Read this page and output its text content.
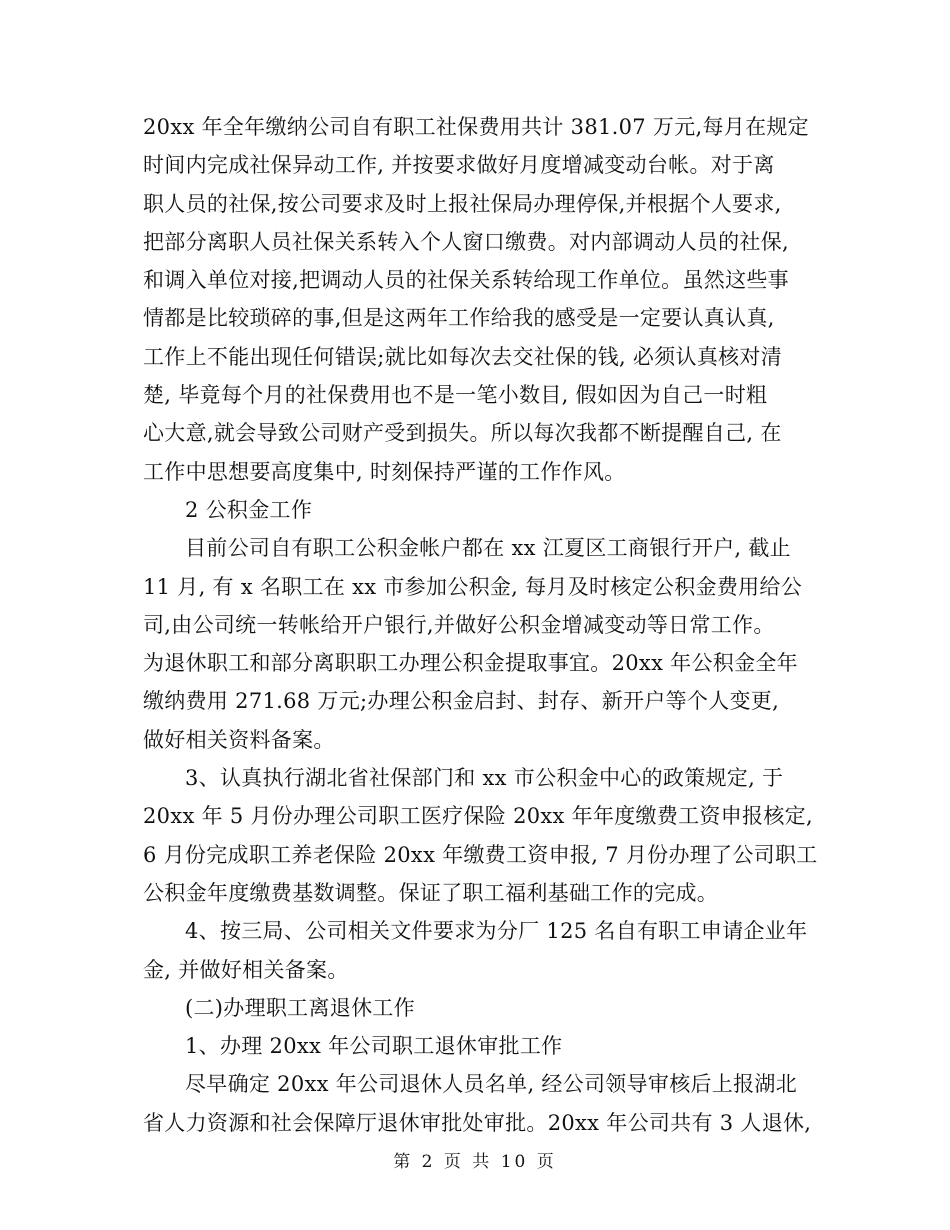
20xx 年全年缴纳公司自有职工社保费用共计 381.07 万元,每月在规定
时间内完成社保异动工作, 并按要求做好月度增减变动台帐。对于离
职人员的社保,按公司要求及时上报社保局办理停保,并根据个人要求,
把部分离职人员社保关系转入个人窗口缴费。对内部调动人员的社保,
和调入单位对接,把调动人员的社保关系转给现工作单位。虽然这些事
情都是比较琐碎的事,但是这两年工作给我的感受是一定要认真认真,
工作上不能出现任何错误;就比如每次去交社保的钱, 必须认真核对清
楚, 毕竟每个月的社保费用也不是一笔小数目, 假如因为自己一时粗
心大意,就会导致公司财产受到损失。所以每次我都不断提醒自己, 在
工作中思想要高度集中, 时刻保持严谨的工作作风。
2 公积金工作
目前公司自有职工公积金帐户都在 xx 江夏区工商银行开户, 截止
11 月, 有 x 名职工在 xx 市参加公积金, 每月及时核定公积金费用给公
司,由公司统一转帐给开户银行,并做好公积金增减变动等日常工作。
为退休职工和部分离职职工办理公积金提取事宜。20xx 年公积金全年
缴纳费用 271.68 万元;办理公积金启封、封存、新开户等个人变更,
做好相关资料备案。
3、认真执行湖北省社保部门和 xx 市公积金中心的政策规定, 于
20xx 年 5 月份办理公司职工医疗保险 20xx 年年度缴费工资申报核定,
6 月份完成职工养老保险 20xx 年缴费工资申报, 7 月份办理了公司职工
公积金年度缴费基数调整。保证了职工福利基础工作的完成。
4、按三局、公司相关文件要求为分厂 125 名自有职工申请企业年
金, 并做好相关备案。
(二)办理职工离退休工作
1、办理 20xx 年公司职工退休审批工作
尽早确定 20xx 年公司退休人员名单, 经公司领导审核后上报湖北
省人力资源和社会保障厅退休审批处审批。20xx 年公司共有 3 人退休,
第 2 页 共 10 页
